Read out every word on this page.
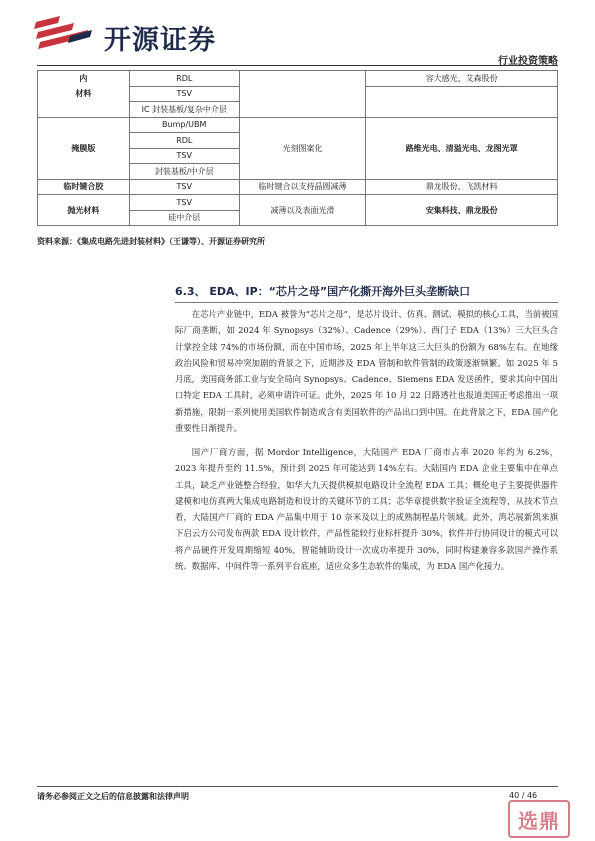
开源证券
行业投资策略
内	RDL		容大感光、艾森股份
材料	TSV		
	IC 封装基板/复杂中介层		
掩膜版	Bump/UBM	光刻图案化	路维光电、清溢光电、龙图光罩
	RDL		
	TSV		
	封装基板/中介层		
临时键合胶	TSV	临时键合以支持晶圆减薄	鼎龙股份、飞凯材料
抛光材料	TSV	减薄以及表面光滑	安集科技、鼎龙股份
	硅中介层		
资料来源：《集成电路先进封装材料》（王谦等）、开源证券研究所
6.3、 EDA、IP：“芯片之母”国产化撕开海外巨头垄断缺口

在芯片产业链中，EDA 被誉为“芯片之母”，是芯片设计、仿真、测试、模拟的核心工具，当前被国际厂商垄断，如 2024 年 Synopsys（32%）、Cadence（29%）、西门子 EDA（13%）三大巨头合计掌控全球 74%的市场份额，而在中国市场，2025 年上半年这三大巨头的份额为 68%左右。在地缘政治风险和贸易冲突加剧的背景之下，近期涉及 EDA 管制和软件管制的政策逐渐频繁。如 2025 年 5 月底，美国商务部工业与安全局向 Synopsys、Cadence、Siemens EDA 发送函件，要求其向中国出口特定 EDA 工具时，必须申请许可证。此外，2025 年 10 月 22 日路透社也报道美国正考虑推出一项新措施，限制一系列使用美国软件制造或含有美国软件的产品出口到中国。在此背景之下，EDA 国产化重要性日渐提升。

国产厂商方面，据 Mordor Intelligence，大陆国产 EDA 厂商市占率 2020 年约为 6.2%，2023 年提升至约 11.5%，预计到 2025 年可能达到 14%左右。大陆国内 EDA 企业主要集中在单点工具，缺乏产业链整合经验，如华大九天提供模拟电路设计全流程 EDA 工具；概伦电子主要提供器件建模和电仿真两大集成电路制造和设计的关键环节的工具；芯华章提供数字验证全流程等，从技术节点看，大陆国产厂商的 EDA 产品集中用于 10 奈米及以上的成熟制程晶片领域。此外，湾芯展新凯来旗下启云方公司发布两款 EDA 设计软件，产品性能较行业标杆提升 30%，软件并行协同设计的模式可以将产品硬件开发周期缩短 40%，智能辅助设计一次成功率提升 30%，同时构建兼容多款国产操作系统、数据库、中间件等一系列平台底座，适应众多生态软件的集成，为 EDA 国产化接力。

请务必参阅正文之后的信息披露和法律声明	40 / 46
选鼎
